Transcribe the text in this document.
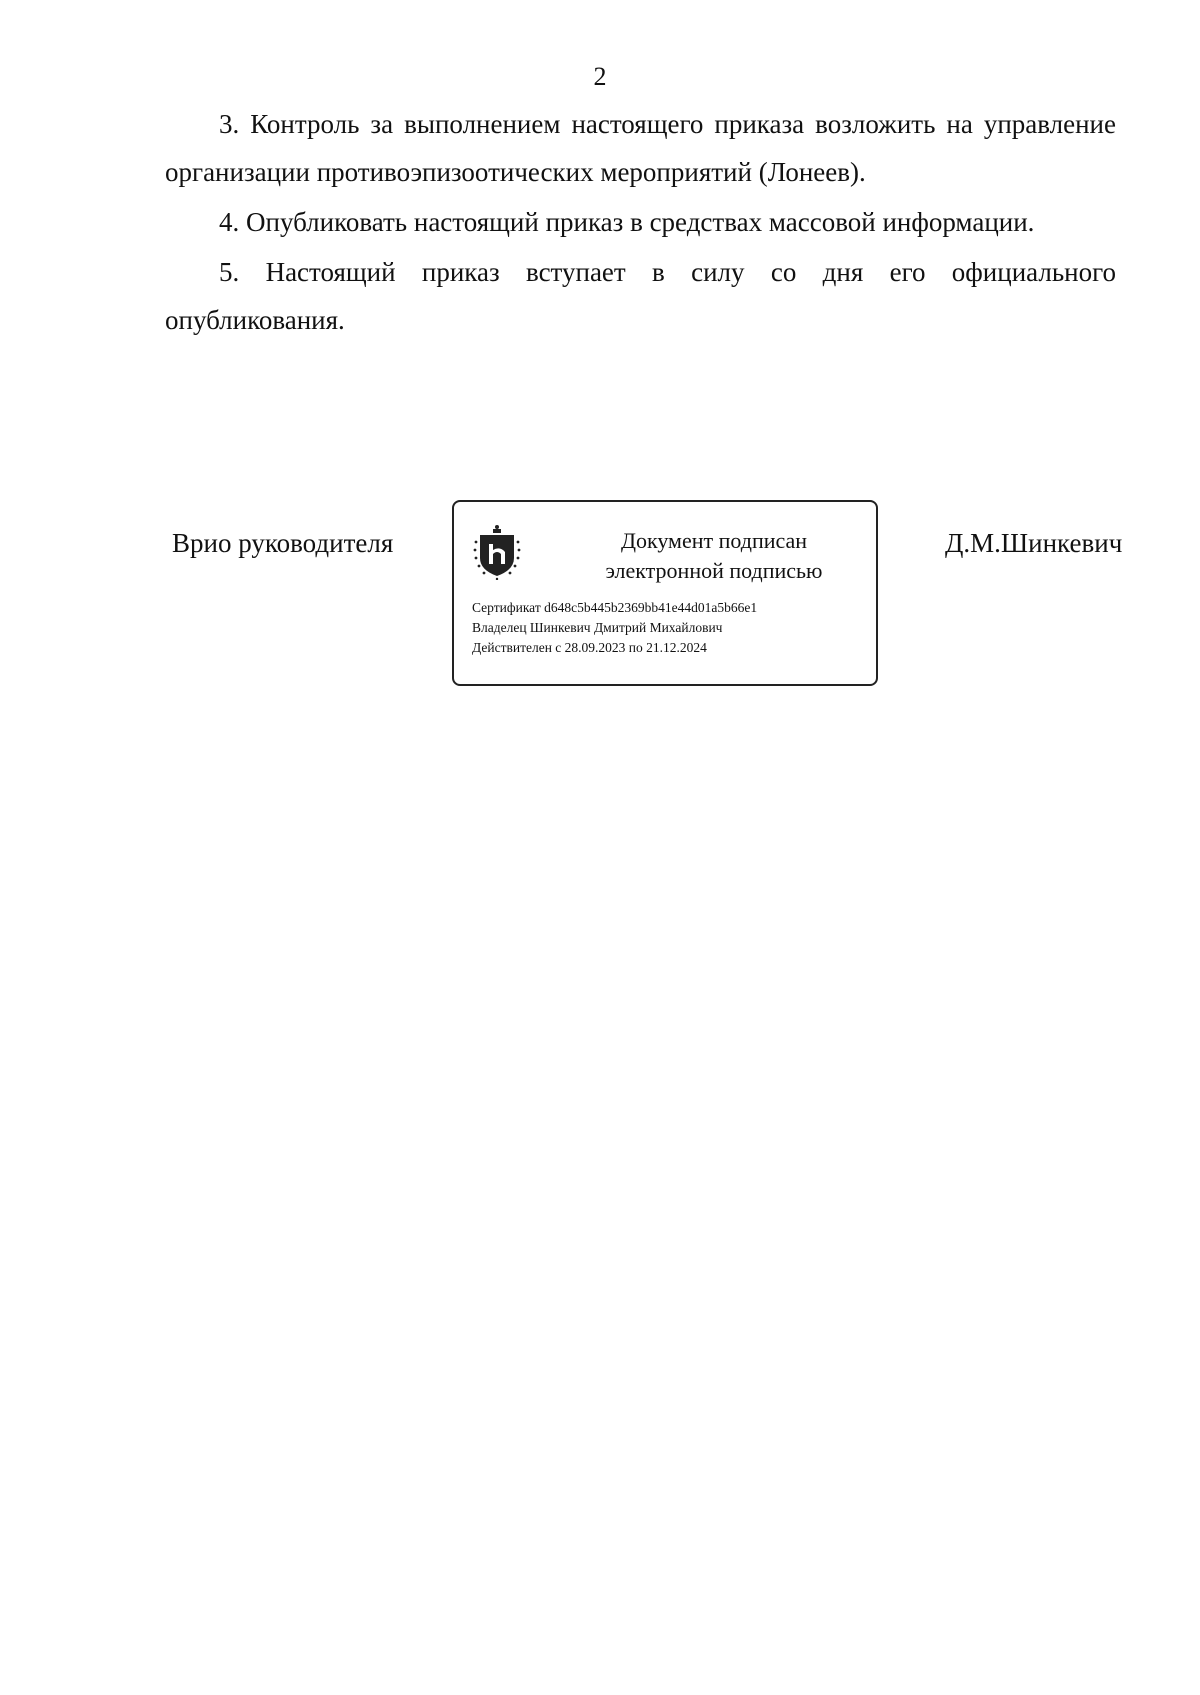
2

3. Контроль за выполнением настоящего приказа возложить на управление организации противоэпизоотических мероприятий (Лонеев).

4. Опубликовать настоящий приказ в средствах массовой информации.

5. Настоящий приказ вступает в силу со дня его официального опубликования.

Врио руководителя	Документ подписан
электронной подписью
Сертификат d648c5b445b2369bb41e44d01a5b66e1
Владелец Шинкевич Дмитрий Михайлович
Действителен с 28.09.2023 по 21.12.2024
Д.М.Шинкевич
